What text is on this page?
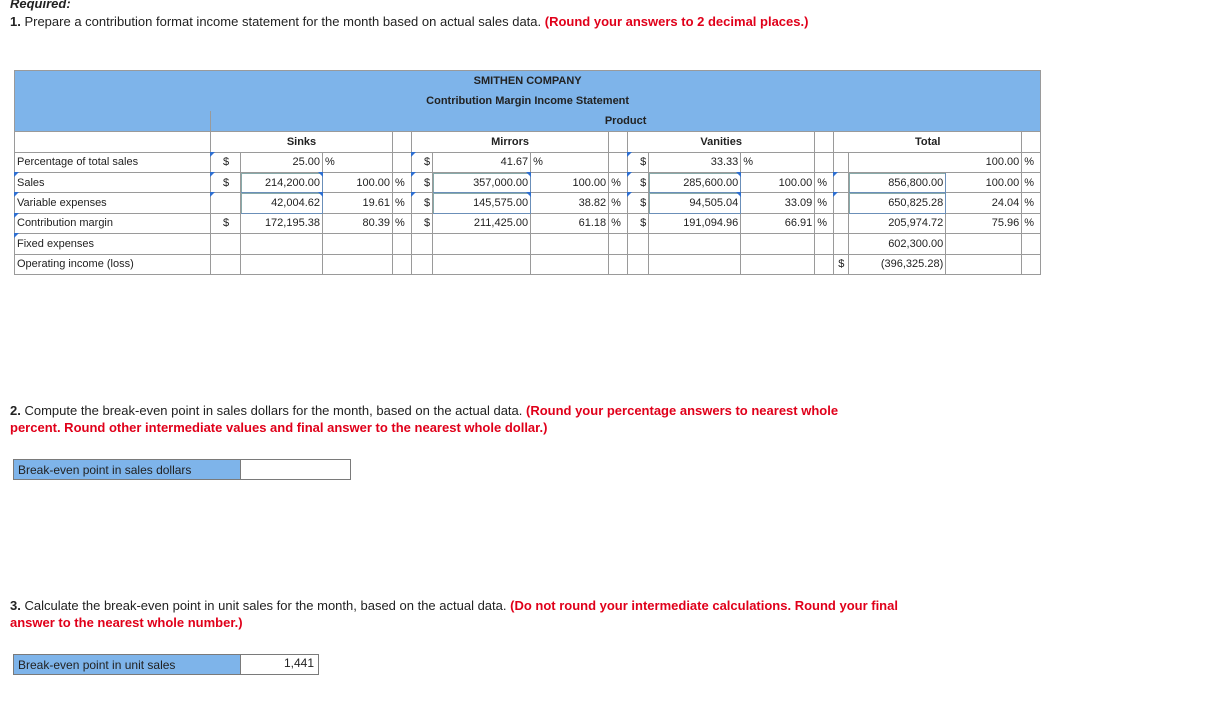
Required:
1. Prepare a contribution format income statement for the month based on actual sales data. (Round your answers to 2 decimal places.)
SMITHEN COMPANY																
Contribution Margin Income Statement																
	Product															
	Sinks				Mirrors				Vanities				Total			
Percentage of total sales	$	25.00	%		$	41.67	%		$	33.33	%			100.00		%
Sales	$	214,200.00	100.00	%	$	357,000.00	100.00	%	$	285,600.00	100.00	%		856,800.00	100.00	%
Variable expenses		42,004.62	19.61	%	$	145,575.00	38.82	%	$	94,505.04	33.09	%		650,825.28	24.04	%
Contribution margin	$	172,195.38	80.39	%	$	211,425.00	61.18	%	$	191,094.96	66.91	%		205,974.72	75.96	%
Fixed expenses														602,300.00		
Operating income (loss)													$	(396,325.28)		
2. Compute the break-even point in sales dollars for the month, based on the actual data. (Round your percentage answers to nearest whole percent. Round other intermediate values and final answer to the nearest whole dollar.)
Break-even point in sales dollars
3. Calculate the break-even point in unit sales for the month, based on the actual data. (Do not round your intermediate calculations. Round your final answer to the nearest whole number.)
Break-even point in unit sales	1,441
